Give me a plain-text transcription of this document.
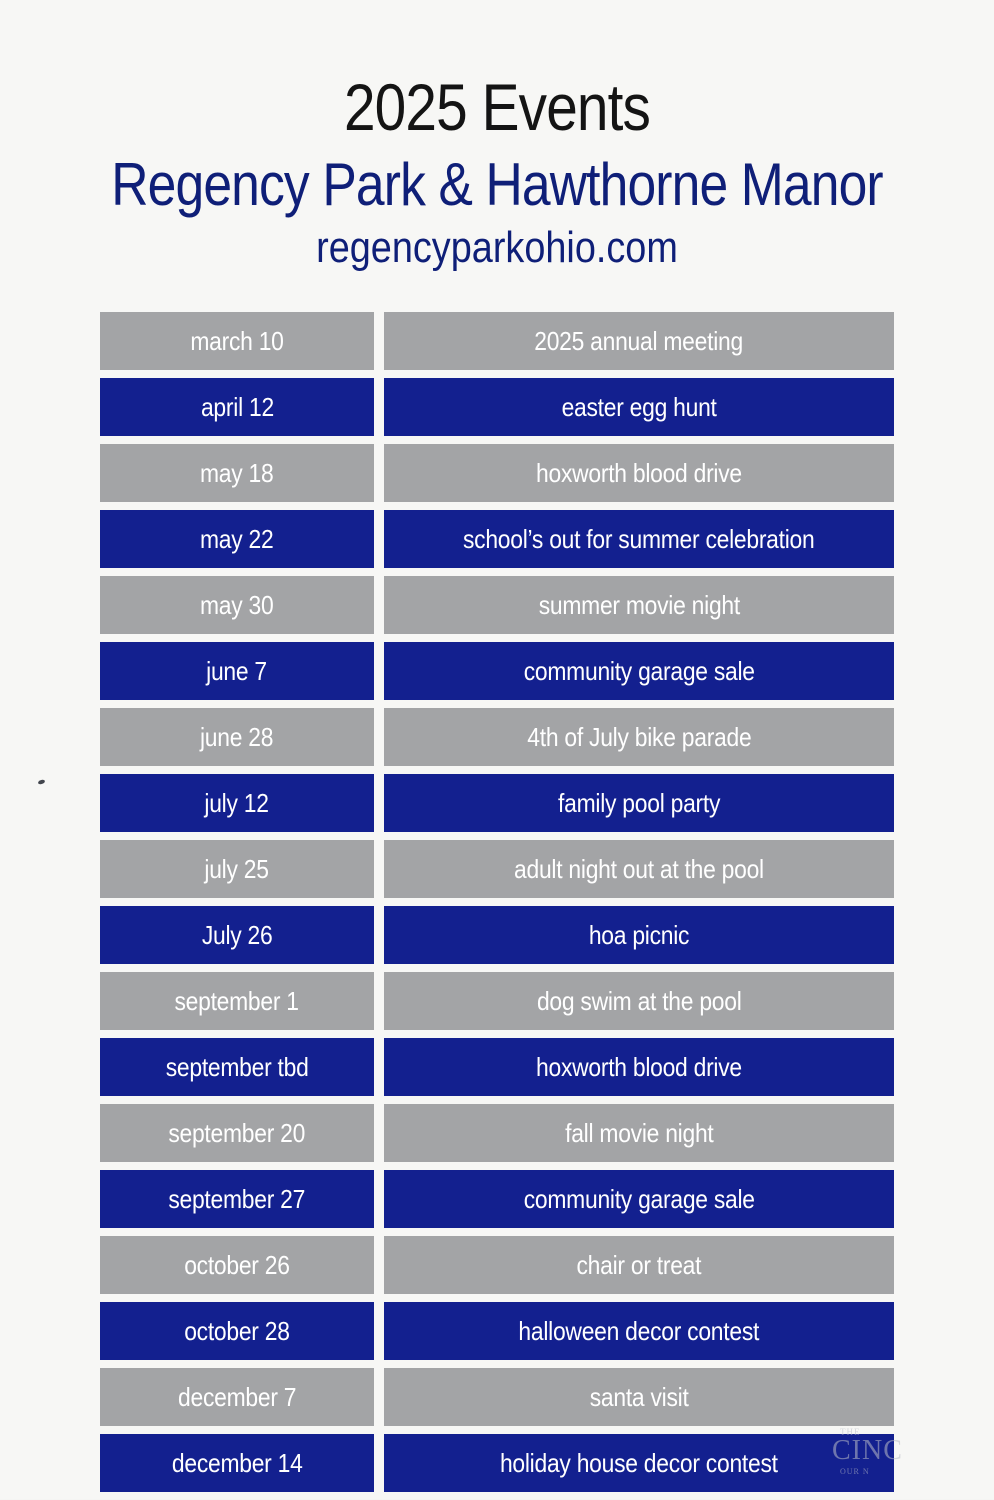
2025 Events
Regency Park & Hawthorne Manor
regencyparkohio.com
march 10	2025 annual meeting
april 12	easter egg hunt
may 18	hoxworth blood drive
may 22	school’s out for summer celebration
may 30	summer movie night
june 7	community garage sale
june 28	4th of July bike parade
july 12	family pool party
july 25	adult night out at the pool
July 26	hoa picnic
september 1	dog swim at the pool
september tbd	hoxworth blood drive
september 20	fall movie night
september 27	community garage sale
october 26	chair or treat
october 28	halloween decor contest
december 7	santa visit
december 14	holiday house decor contest
THE
CINC
OUR N
